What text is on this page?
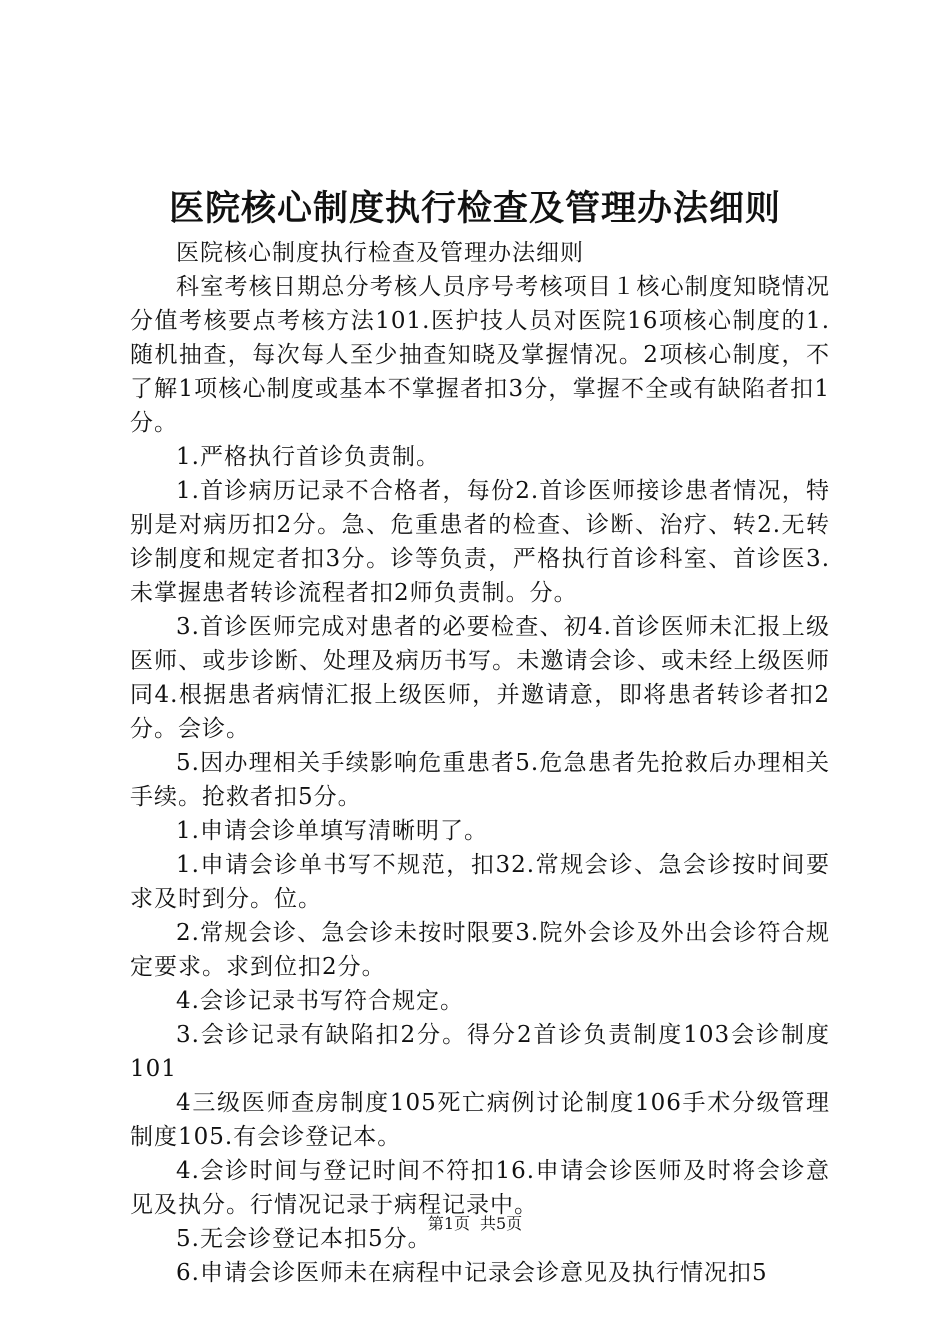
医院核心制度执行检查及管理办法细则

医院核心制度执行检查及管理办法细则

科室考核日期总分考核人员序号考核项目１核心制度知晓情况分值考核要点考核方法101.医护技人员对医院16项核心制度的1.随机抽查，每次每人至少抽查知晓及掌握情况。2项核心制度，不了解1项核心制度或基本不掌握者扣3分，掌握不全或有缺陷者扣1分。

1.严格执行首诊负责制。

1.首诊病历记录不合格者，每份2.首诊医师接诊患者情况，特别是对病历扣2分。急、危重患者的检查、诊断、治疗、转2.无转诊制度和规定者扣3分。诊等负责，严格执行首诊科室、首诊医3.未掌握患者转诊流程者扣2师负责制。分。

3.首诊医师完成对患者的必要检查、初4.首诊医师未汇报上级医师、或步诊断、处理及病历书写。未邀请会诊、或未经上级医师同4.根据患者病情汇报上级医师，并邀请意，即将患者转诊者扣2分。会诊。

5.因办理相关手续影响危重患者5.危急患者先抢救后办理相关手续。抢救者扣5分。

1.申请会诊单填写清晰明了。

1.申请会诊单书写不规范，扣32.常规会诊、急会诊按时间要求及时到分。位。

2.常规会诊、急会诊未按时限要3.院外会诊及外出会诊符合规定要求。求到位扣2分。

4.会诊记录书写符合规定。

3.会诊记录有缺陷扣2分。得分2首诊负责制度103会诊制度101

4三级医师查房制度105死亡病例讨论制度106手术分级管理制度105.有会诊登记本。

4.会诊时间与登记时间不符扣16.申请会诊医师及时将会诊意见及执分。行情况记录于病程记录中。

5.无会诊登记本扣5分。

6.申请会诊医师未在病程中记录会诊意见及执行情况扣5

第1页 共5页
